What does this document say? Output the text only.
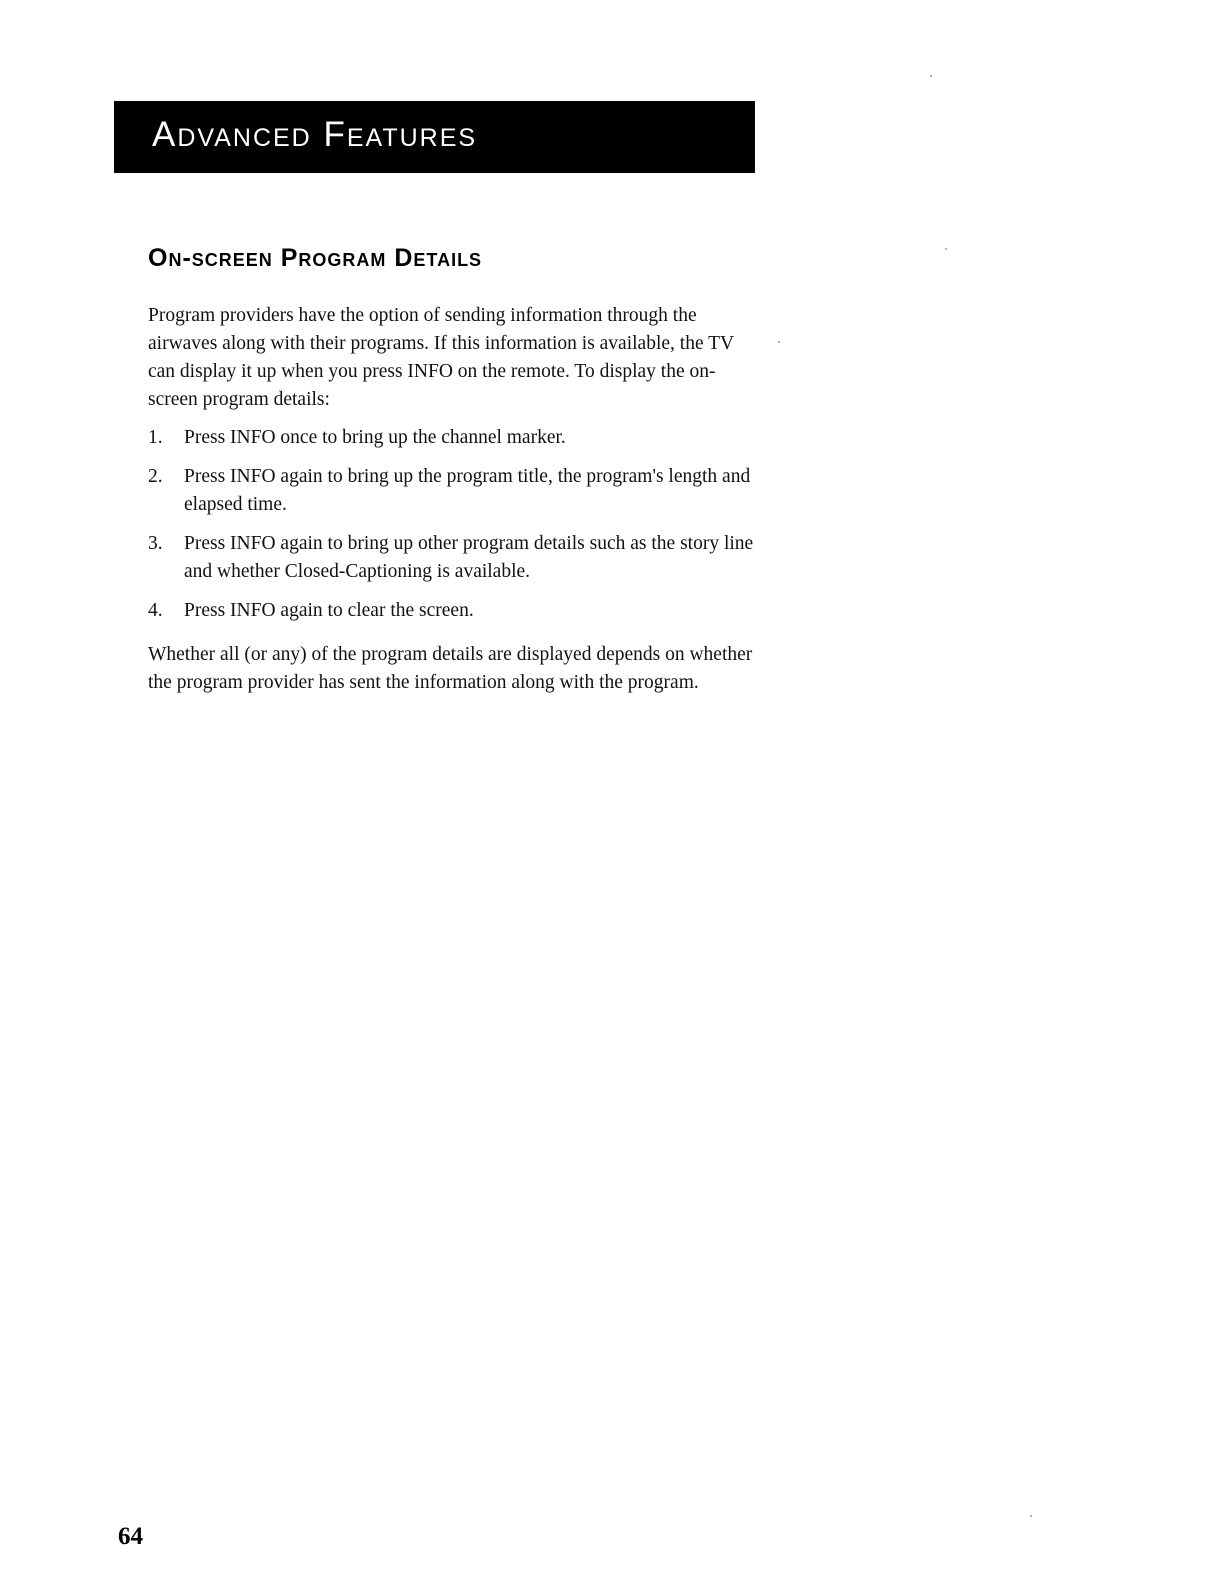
Advanced Features
On-screen Program Details

Program providers have the option of sending information through the airwaves along with their programs. If this information is available, the TV can display it up when you press INFO on the remote. To display the on-screen program details:

1.	Press INFO once to bring up the channel marker.
2.	Press INFO again to bring up the program title, the program's length and elapsed time.
3.	Press INFO again to bring up other program details such as the story line and whether Closed-Captioning is available.
4.	Press INFO again to clear the screen.

Whether all (or any) of the program details are displayed depends on whether the program provider has sent the information along with the program.

64
